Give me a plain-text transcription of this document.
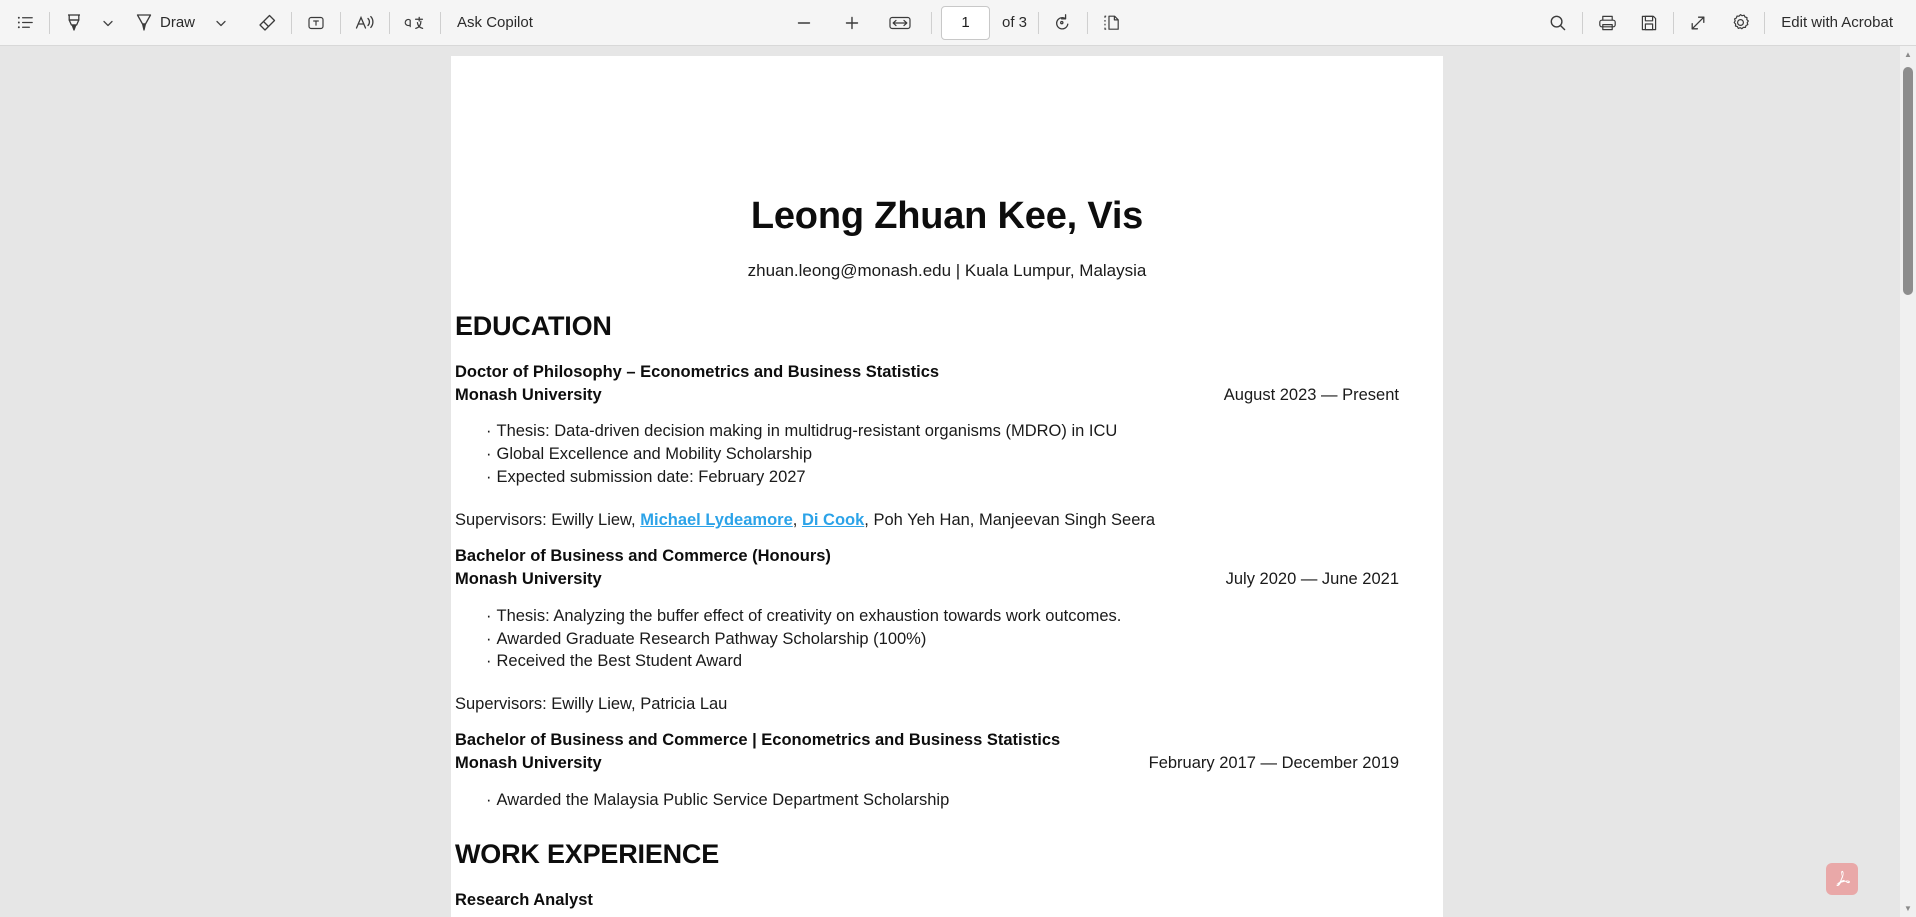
Draw	Ask Copilot
1	of 3	Edit with Acrobat
Leong Zhuan Kee, Vis

zhuan.leong@monash.edu | Kuala Lumpur, Malaysia

EDUCATION
Doctor of Philosophy – Econometrics and Business Statistics
Monash University	August 2023 — Present
· Thesis: Data-driven decision making in multidrug-resistant organisms (MDRO) in ICU
· Global Excellence and Mobility Scholarship
· Expected submission date: February 2027
Supervisors: Ewilly Liew, Michael Lydeamore, Di Cook, Poh Yeh Han, Manjeevan Singh Seera
Bachelor of Business and Commerce (Honours)
Monash University	July 2020 — June 2021
· Thesis: Analyzing the buffer effect of creativity on exhaustion towards work outcomes.
· Awarded Graduate Research Pathway Scholarship (100%)
· Received the Best Student Award
Supervisors: Ewilly Liew, Patricia Lau
Bachelor of Business and Commerce | Econometrics and Business Statistics
Monash University	February 2017 — December 2019
· Awarded the Malaysia Public Service Department Scholarship
WORK EXPERIENCE
Research Analyst
▲
▼
